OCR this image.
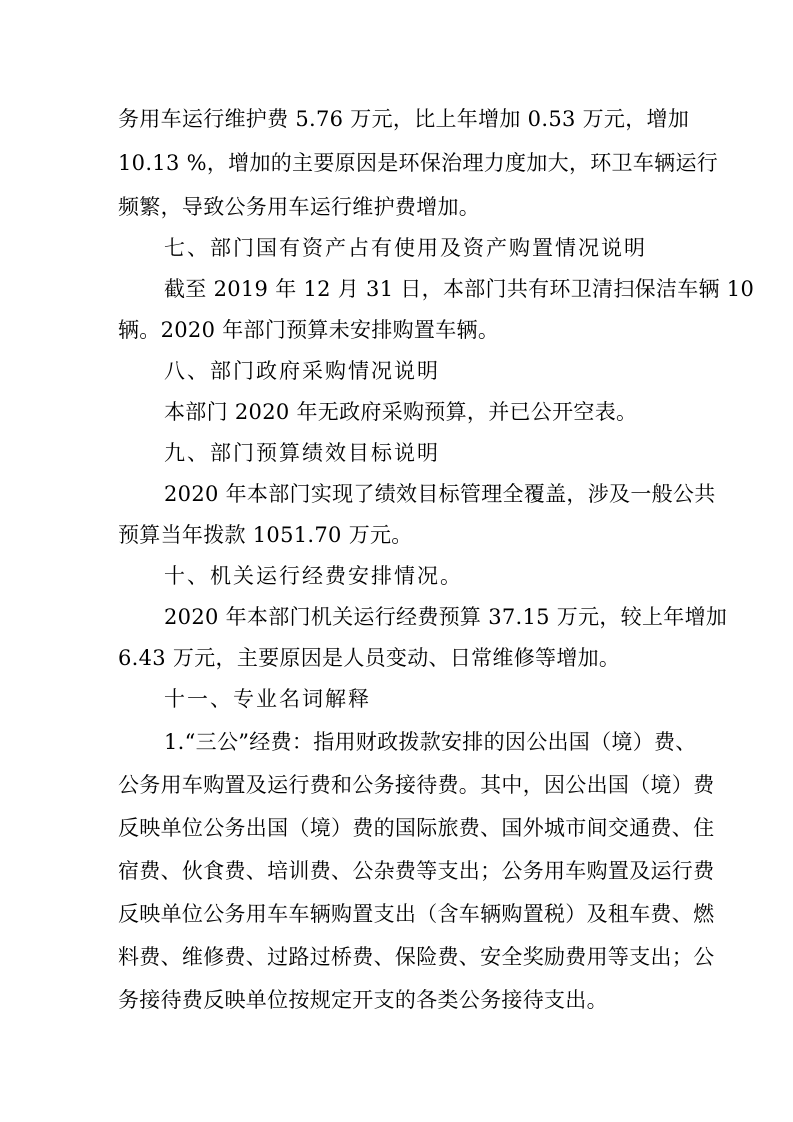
务用车运行维护费 5.76 万元，比上年增加 0.53 万元，增加
10.13 %，增加的主要原因是环保治理力度加大，环卫车辆运行
频繁，导致公务用车运行维护费增加。
七、部门国有资产占有使用及资产购置情况说明
截至 2019 年 12 月 31 日，本部门共有环卫清扫保洁车辆 10
辆。2020 年部门预算未安排购置车辆。
八、部门政府采购情况说明
本部门 2020 年无政府采购预算，并已公开空表。
九、部门预算绩效目标说明
2020 年本部门实现了绩效目标管理全覆盖，涉及一般公共
预算当年拨款 1051.70 万元。
十、机关运行经费安排情况。
2020 年本部门机关运行经费预算 37.15 万元，较上年增加
6.43 万元，主要原因是人员变动、日常维修等增加。
十一、专业名词解释
1.“三公”经费：指用财政拨款安排的因公出国（境）费、
公务用车购置及运行费和公务接待费。其中，因公出国（境）费
反映单位公务出国（境）费的国际旅费、国外城市间交通费、住
宿费、伙食费、培训费、公杂费等支出；公务用车购置及运行费
反映单位公务用车车辆购置支出（含车辆购置税）及租车费、燃
料费、维修费、过路过桥费、保险费、安全奖励费用等支出；公
务接待费反映单位按规定开支的各类公务接待支出。
